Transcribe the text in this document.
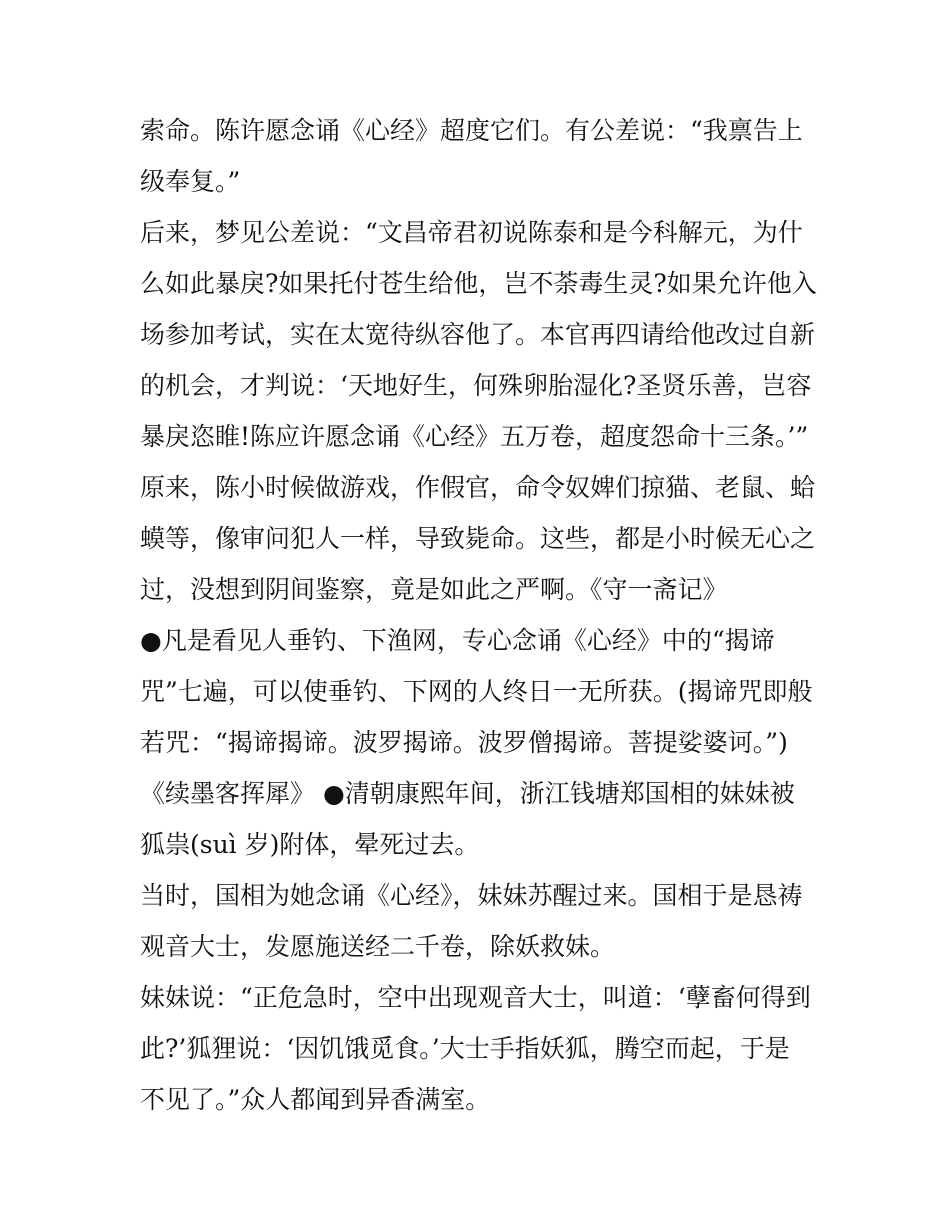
索命。陈许愿念诵《心经》超度它们。有公差说：“我禀告上
级奉复。”
后来，梦见公差说：“文昌帝君初说陈泰和是今科解元，为什
么如此暴戾?如果托付苍生给他，岂不荼毒生灵?如果允许他入
场参加考试，实在太宽待纵容他了。本官再四请给他改过自新
的机会，才判说：‘天地好生，何殊卵胎湿化?圣贤乐善，岂容
暴戾恣睢!陈应许愿念诵《心经》五万卷，超度怨命十三条。’”
原来，陈小时候做游戏，作假官，命令奴婢们掠猫、老鼠、蛤
蟆等，像审问犯人一样，导致毙命。这些，都是小时候无心之
过，没想到阴间鉴察，竟是如此之严啊。《守一斋记》
●凡是看见人垂钓、下渔网，专心念诵《心经》中的“揭谛
咒”七遍，可以使垂钓、下网的人终日一无所获。(揭谛咒即般
若咒：“揭谛揭谛。波罗揭谛。波罗僧揭谛。菩提娑婆诃。”)
《续墨客挥犀》 ●清朝康熙年间，浙江钱塘郑国相的妹妹被
狐祟(suì 岁)附体，晕死过去。
当时，国相为她念诵《心经》，妹妹苏醒过来。国相于是恳祷
观音大士，发愿施送经二千卷，除妖救妹。
妹妹说：“正危急时，空中出现观音大士，叫道：‘孽畜何得到
此?’狐狸说：‘因饥饿觅食。’大士手指妖狐，腾空而起，于是
不见了。”众人都闻到异香满室。
